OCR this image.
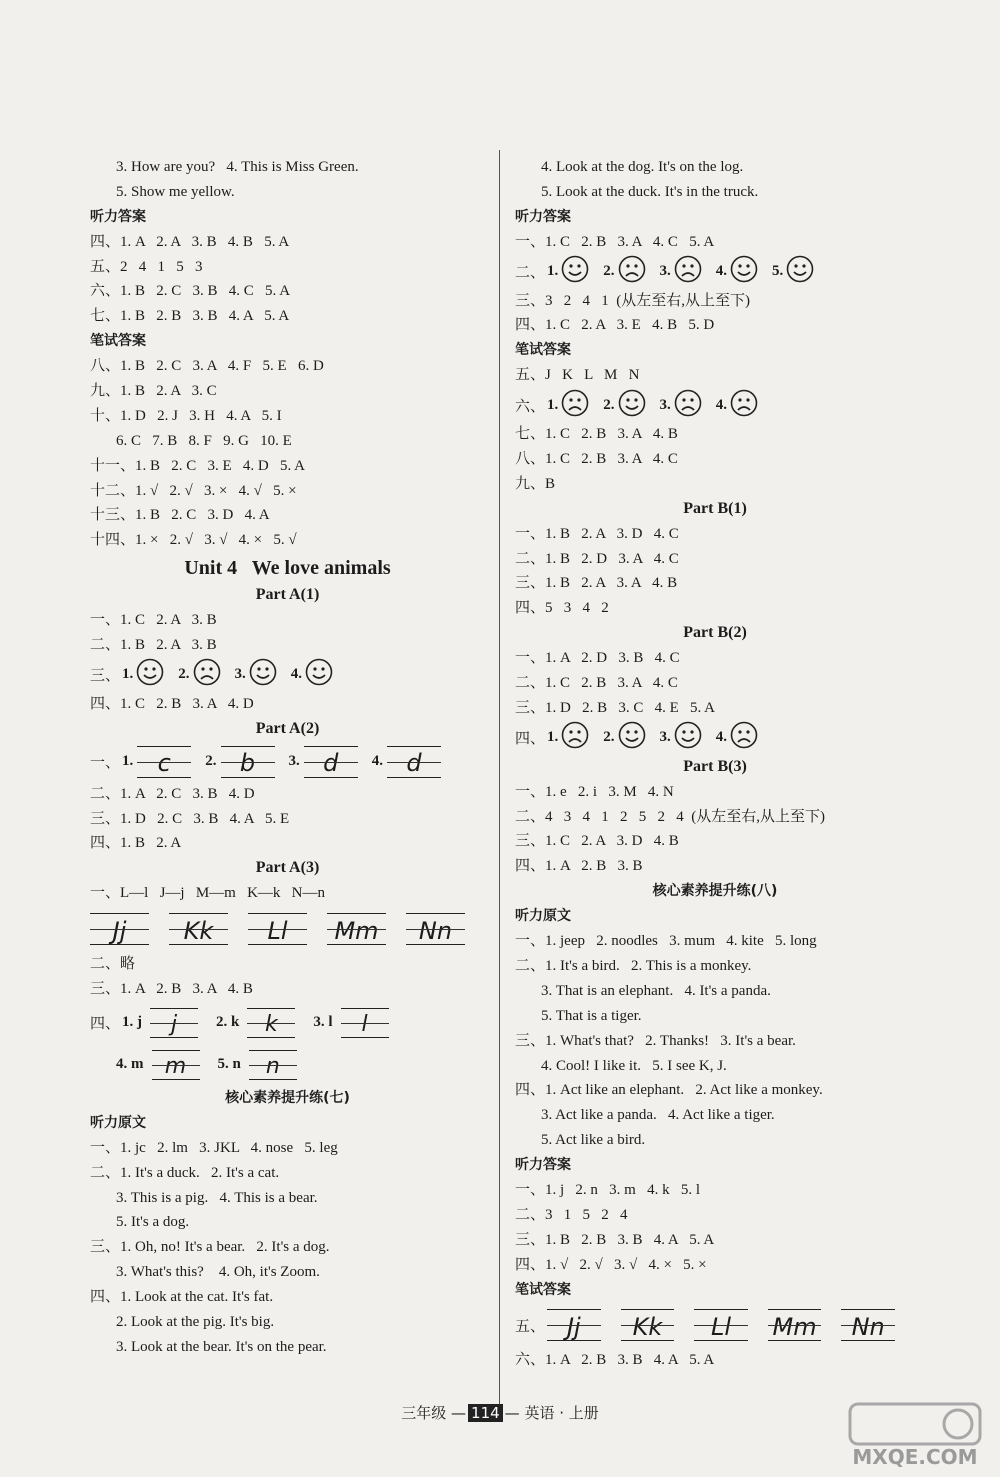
3. How are you?   4. This is Miss Green.
5. Show me yellow.
听力答案
四、1. A   2. A   3. B   4. B   5. A
五、2   4   1   5   3
六、1. B   2. C   3. B   4. C   5. A
七、1. B   2. B   3. B   4. A   5. A
笔试答案
八、1. B   2. C   3. A   4. F   5. E   6. D
九、1. B   2. A   3. C
十、1. D   2. J   3. H   4. A   5. I
6. C   7. B   8. F   9. G   10. E
十一、1. B   2. C   3. E   4. D   5. A
十二、1. √   2. √   3. ×   4. √   5. ×
十三、1. B   2. C   3. D   4. A
十四、1. ×   2. √   3. √   4. ×   5. √
Unit 4   We love animals
Part A(1)
一、1. C   2. A   3. B
二、1. B   2. A   3. B
三、 1.	2.	3.	4.
四、1. C   2. B   3. A   4. D
Part A(2)
一、 1.	c	2. b	3. d	4. d
二、1. A   2. C   3. B   4. D
三、1. D   2. C   3. B   4. A   5. E
四、1. B   2. A
Part A(3)
一、L—l   J—j   M—m   K—k   N—n
Jj	Kk	Ll	Mm	Nn
二、略
三、1. A   2. B   3. A   4. B
四、 1. j	j	2. k	k	3. l	l
4. m m	5. n	n
核心素养提升练(七)
听力原文
一、1. jc   2. lm   3. JKL   4. nose   5. leg
二、1. It's a duck.   2. It's a cat.
3. This is a pig.   4. This is a bear.
5. It's a dog.
三、1. Oh, no! It's a bear.   2. It's a dog.
3. What's this?    4. Oh, it's Zoom.
四、1. Look at the cat. It's fat.
2. Look at the pig. It's big.
3. Look at the bear. It's on the pear.
4. Look at the dog. It's on the log.
5. Look at the duck. It's in the truck.
听力答案
一、1. C   2. B   3. A   4. C   5. A
二、 1.	2.	3.	4.	5.
三、3   2   4   1  (从左至右,从上至下)
四、1. C   2. A   3. E   4. B   5. D
笔试答案
五、J   K   L   M   N
六、 1.	2.	3.	4.
七、1. C   2. B   3. A   4. B
八、1. C   2. B   3. A   4. C
九、B
Part B(1)
一、1. B   2. A   3. D   4. C
二、1. B   2. D   3. A   4. C
三、1. B   2. A   3. A   4. B
四、5   3   4   2
Part B(2)
一、1. A   2. D   3. B   4. C
二、1. C   2. B   3. A   4. C
三、1. D   2. B   3. C   4. E   5. A
四、 1.	2.	3.	4.
Part B(3)
一、1. e   2. i   3. M   4. N
二、4   3   4   1   2   5   2   4  (从左至右,从上至下)
三、1. C   2. A   3. D   4. B
四、1. A   2. B   3. B
核心素养提升练(八)
听力原文
一、1. jeep   2. noodles   3. mum   4. kite   5. long
二、1. It's a bird.   2. This is a monkey.
3. That is an elephant.   4. It's a panda.
5. That is a tiger.
三、1. What's that?   2. Thanks!   3. It's a bear.
4. Cool! I like it.   5. I see K, J.
四、1. Act like an elephant.   2. Act like a monkey.
3. Act like a panda.   4. Act like a tiger.
5. Act like a bird.
听力答案
一、1. j   2. n   3. m   4. k   5. l
二、3   1   5   2   4
三、1. B   2. B   3. B   4. A   5. A
四、1. √   2. √   3. √   4. ×   5. ×
笔试答案
五、 Jj	Kk	Ll	Mm	Nn
六、1. A   2. B   3. B   4. A   5. A
三年级 — 114 — 英语 · 上册
MXQE.COM
